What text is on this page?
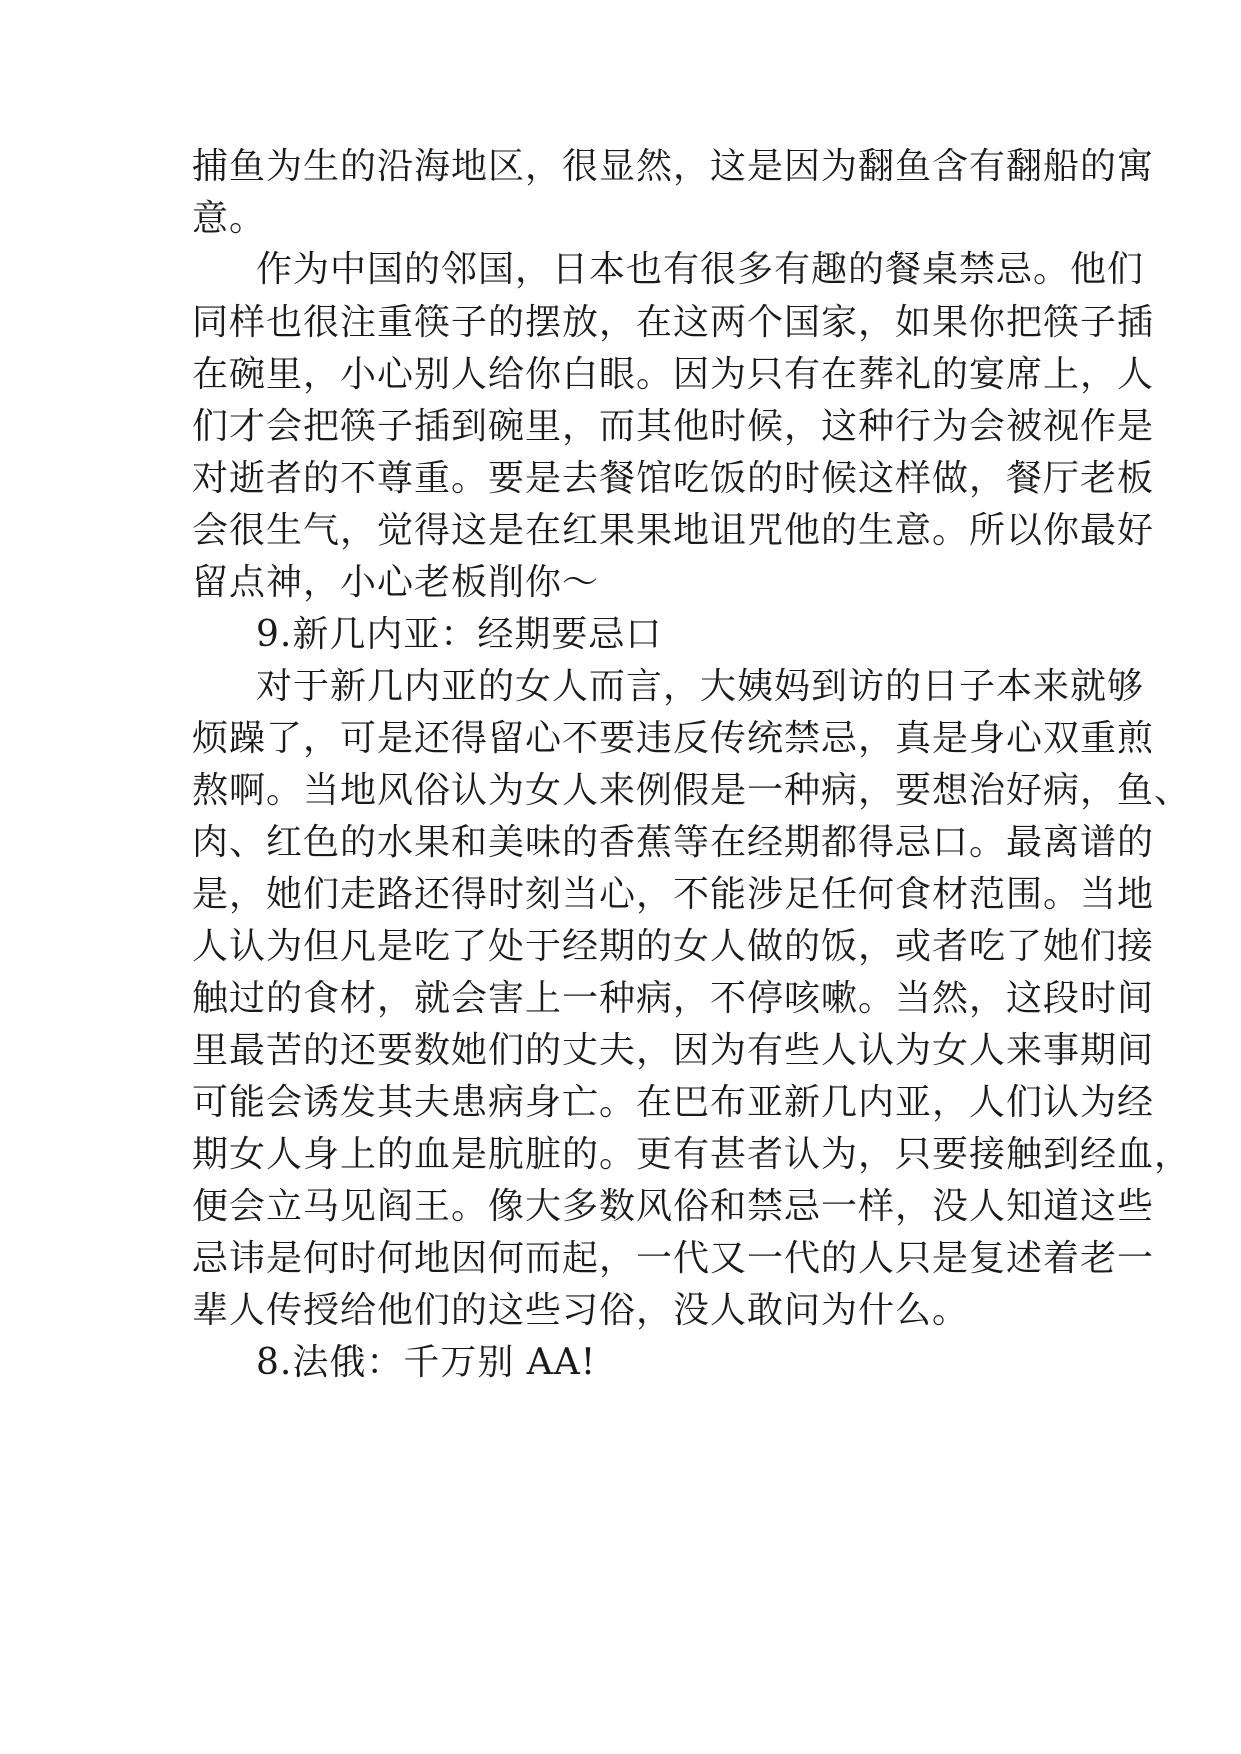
捕鱼为生的沿海地区，很显然，这是因为翻鱼含有翻船的寓
意。
作为中国的邻国，日本也有很多有趣的餐桌禁忌。他们
同样也很注重筷子的摆放，在这两个国家，如果你把筷子插
在碗里，小心别人给你白眼。因为只有在葬礼的宴席上，人
们才会把筷子插到碗里，而其他时候，这种行为会被视作是
对逝者的不尊重。要是去餐馆吃饭的时候这样做，餐厅老板
会很生气，觉得这是在红果果地诅咒他的生意。所以你最好
留点神，小心老板削你～
9.新几内亚：经期要忌口
对于新几内亚的女人而言，大姨妈到访的日子本来就够
烦躁了，可是还得留心不要违反传统禁忌，真是身心双重煎
熬啊。当地风俗认为女人来例假是一种病，要想治好病，鱼、
肉、红色的水果和美味的香蕉等在经期都得忌口。最离谱的
是，她们走路还得时刻当心，不能涉足任何食材范围。当地
人认为但凡是吃了处于经期的女人做的饭，或者吃了她们接
触过的食材，就会害上一种病，不停咳嗽。当然，这段时间
里最苦的还要数她们的丈夫，因为有些人认为女人来事期间
可能会诱发其夫患病身亡。在巴布亚新几内亚，人们认为经
期女人身上的血是肮脏的。更有甚者认为，只要接触到经血，
便会立马见阎王。像大多数风俗和禁忌一样，没人知道这些
忌讳是何时何地因何而起，一代又一代的人只是复述着老一
辈人传授给他们的这些习俗，没人敢问为什么。
8.法俄：千万别 AA!
